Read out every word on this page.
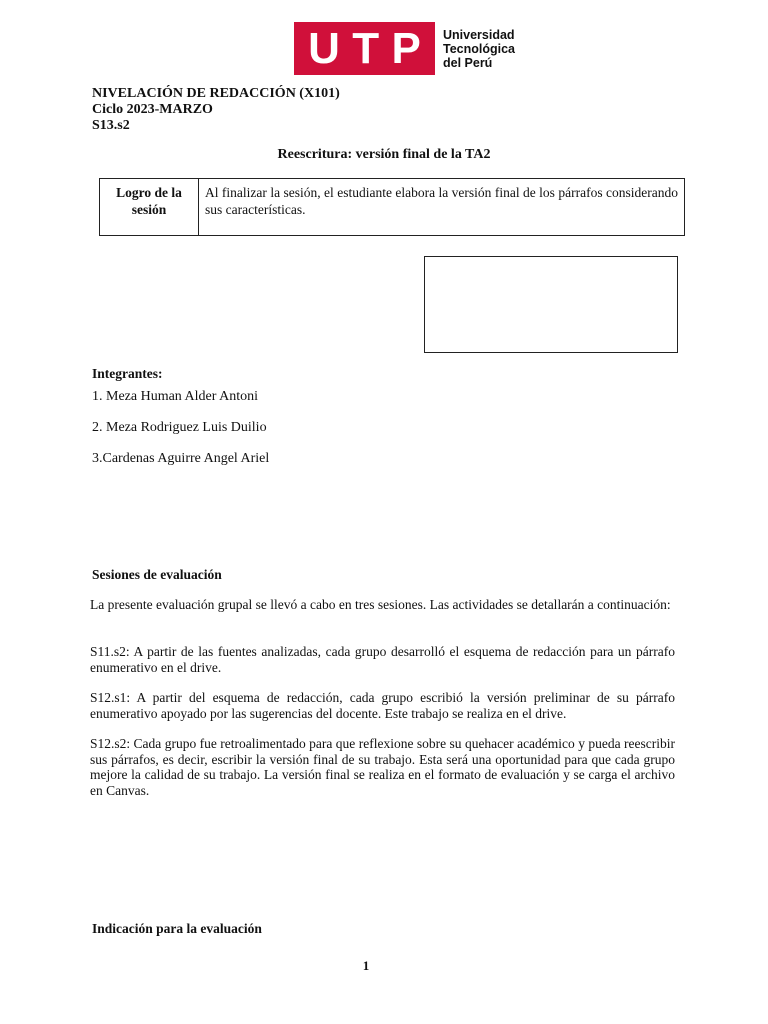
U T P Universidad
Tecnológica
del Perú
NIVELACIÓN DE REDACCIÓN (X101)
Ciclo 2023-MARZO
S13.s2
Reescritura: versión final de la TA2
Logro de la sesión	Al finalizar la sesión, el estudiante elabora la versión final de los párrafos considerando sus características.
Integrantes:
1. Meza Human Alder Antoni
2. Meza Rodriguez Luis Duilio
3.Cardenas Aguirre Angel Ariel
Sesiones de evaluación
La presente evaluación grupal se llevó a cabo en tres sesiones. Las actividades se detallarán a continuación:
S11.s2: A partir de las fuentes analizadas, cada grupo desarrolló el esquema de redacción para un párrafo enumerativo en el drive.
S12.s1: A partir del esquema de redacción, cada grupo escribió la versión preliminar de su párrafo enumerativo apoyado por las sugerencias del docente. Este trabajo se realiza en el drive.
S12.s2: Cada grupo fue retroalimentado para que reflexione sobre su quehacer académico y pueda reescribir sus párrafos, es decir, escribir la versión final de su trabajo. Esta será una oportunidad para que cada grupo mejore la calidad de su trabajo. La versión final se realiza en el formato de evaluación y se carga el archivo en Canvas.
Indicación para la evaluación
1
